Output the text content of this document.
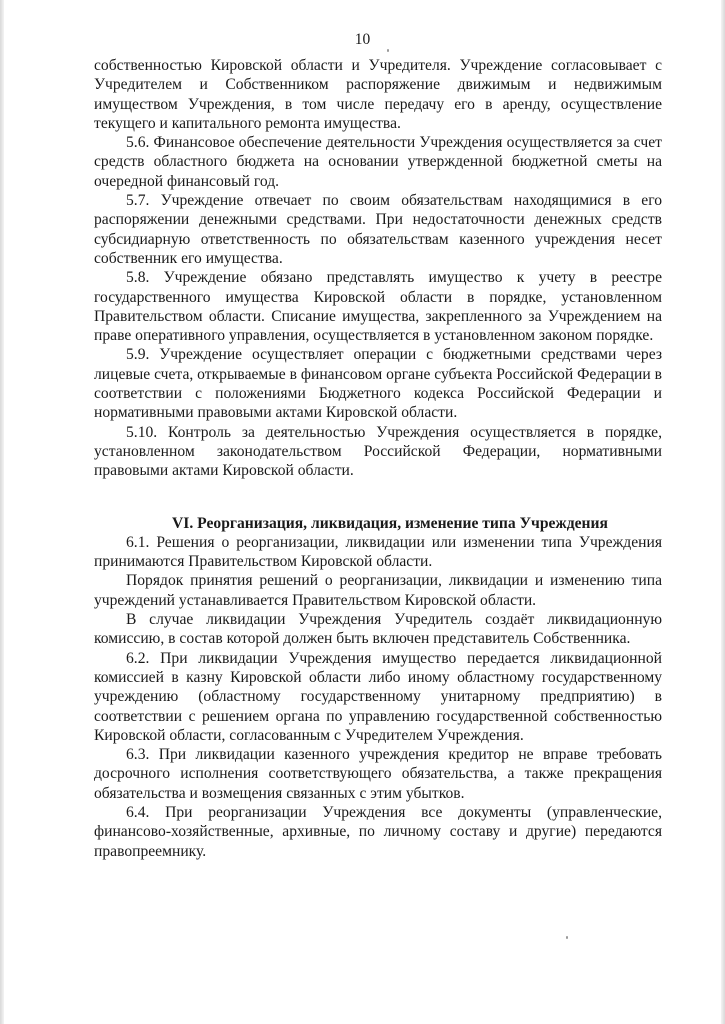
10

собственностью Кировской области и Учредителя. Учреждение согласовывает с Учредителем и Собственником распоряжение движимым и недвижимым имуществом Учреждения, в том числе передачу его в аренду, осуществление текущего и капитального ремонта имущества.

5.6. Финансовое обеспечение деятельности Учреждения осуществляется за счет средств областного бюджета на основании утвержденной бюджетной сметы на очередной финансовый год.

5.7. Учреждение отвечает по своим обязательствам находящимися в его распоряжении денежными средствами. При недостаточности денежных средств субсидиарную ответственность по обязательствам казенного учреждения несет собственник его имущества.

5.8. Учреждение обязано представлять имущество к учету в реестре государственного имущества Кировской области в порядке, установленном Правительством области. Списание имущества, закрепленного за Учреждением на праве оперативного управления, осуществляется в установленном законом порядке.

5.9. Учреждение осуществляет операции с бюджетными средствами через лицевые счета, открываемые в финансовом органе субъекта Российской Федерации в соответствии с положениями Бюджетного кодекса Российской Федерации и нормативными правовыми актами Кировской области.

5.10. Контроль за деятельностью Учреждения осуществляется в порядке, установленном законодательством Российской Федерации, нормативными правовыми актами Кировской области.

VI. Реорганизация, ликвидация, изменение типа Учреждения

6.1. Решения о реорганизации, ликвидации или изменении типа Учреждения принимаются Правительством Кировской области.

Порядок принятия решений о реорганизации, ликвидации и изменению типа учреждений устанавливается Правительством Кировской области.

В случае ликвидации Учреждения Учредитель создаёт ликвидационную комиссию, в состав которой должен быть включен представитель Собственника.

6.2. При ликвидации Учреждения имущество передается ликвидационной комиссией в казну Кировской области либо иному областному государственному учреждению (областному государственному унитарному предприятию) в соответствии с решением органа по управлению государственной собственностью Кировской области, согласованным с Учредителем Учреждения.

6.3. При ликвидации казенного учреждения кредитор не вправе требовать досрочного исполнения соответствующего обязательства, а также прекращения обязательства и возмещения связанных с этим убытков.

6.4. При реорганизации Учреждения все документы (управленческие, финансово-хозяйственные, архивные, по личному составу и другие) передаются правопреемнику.
